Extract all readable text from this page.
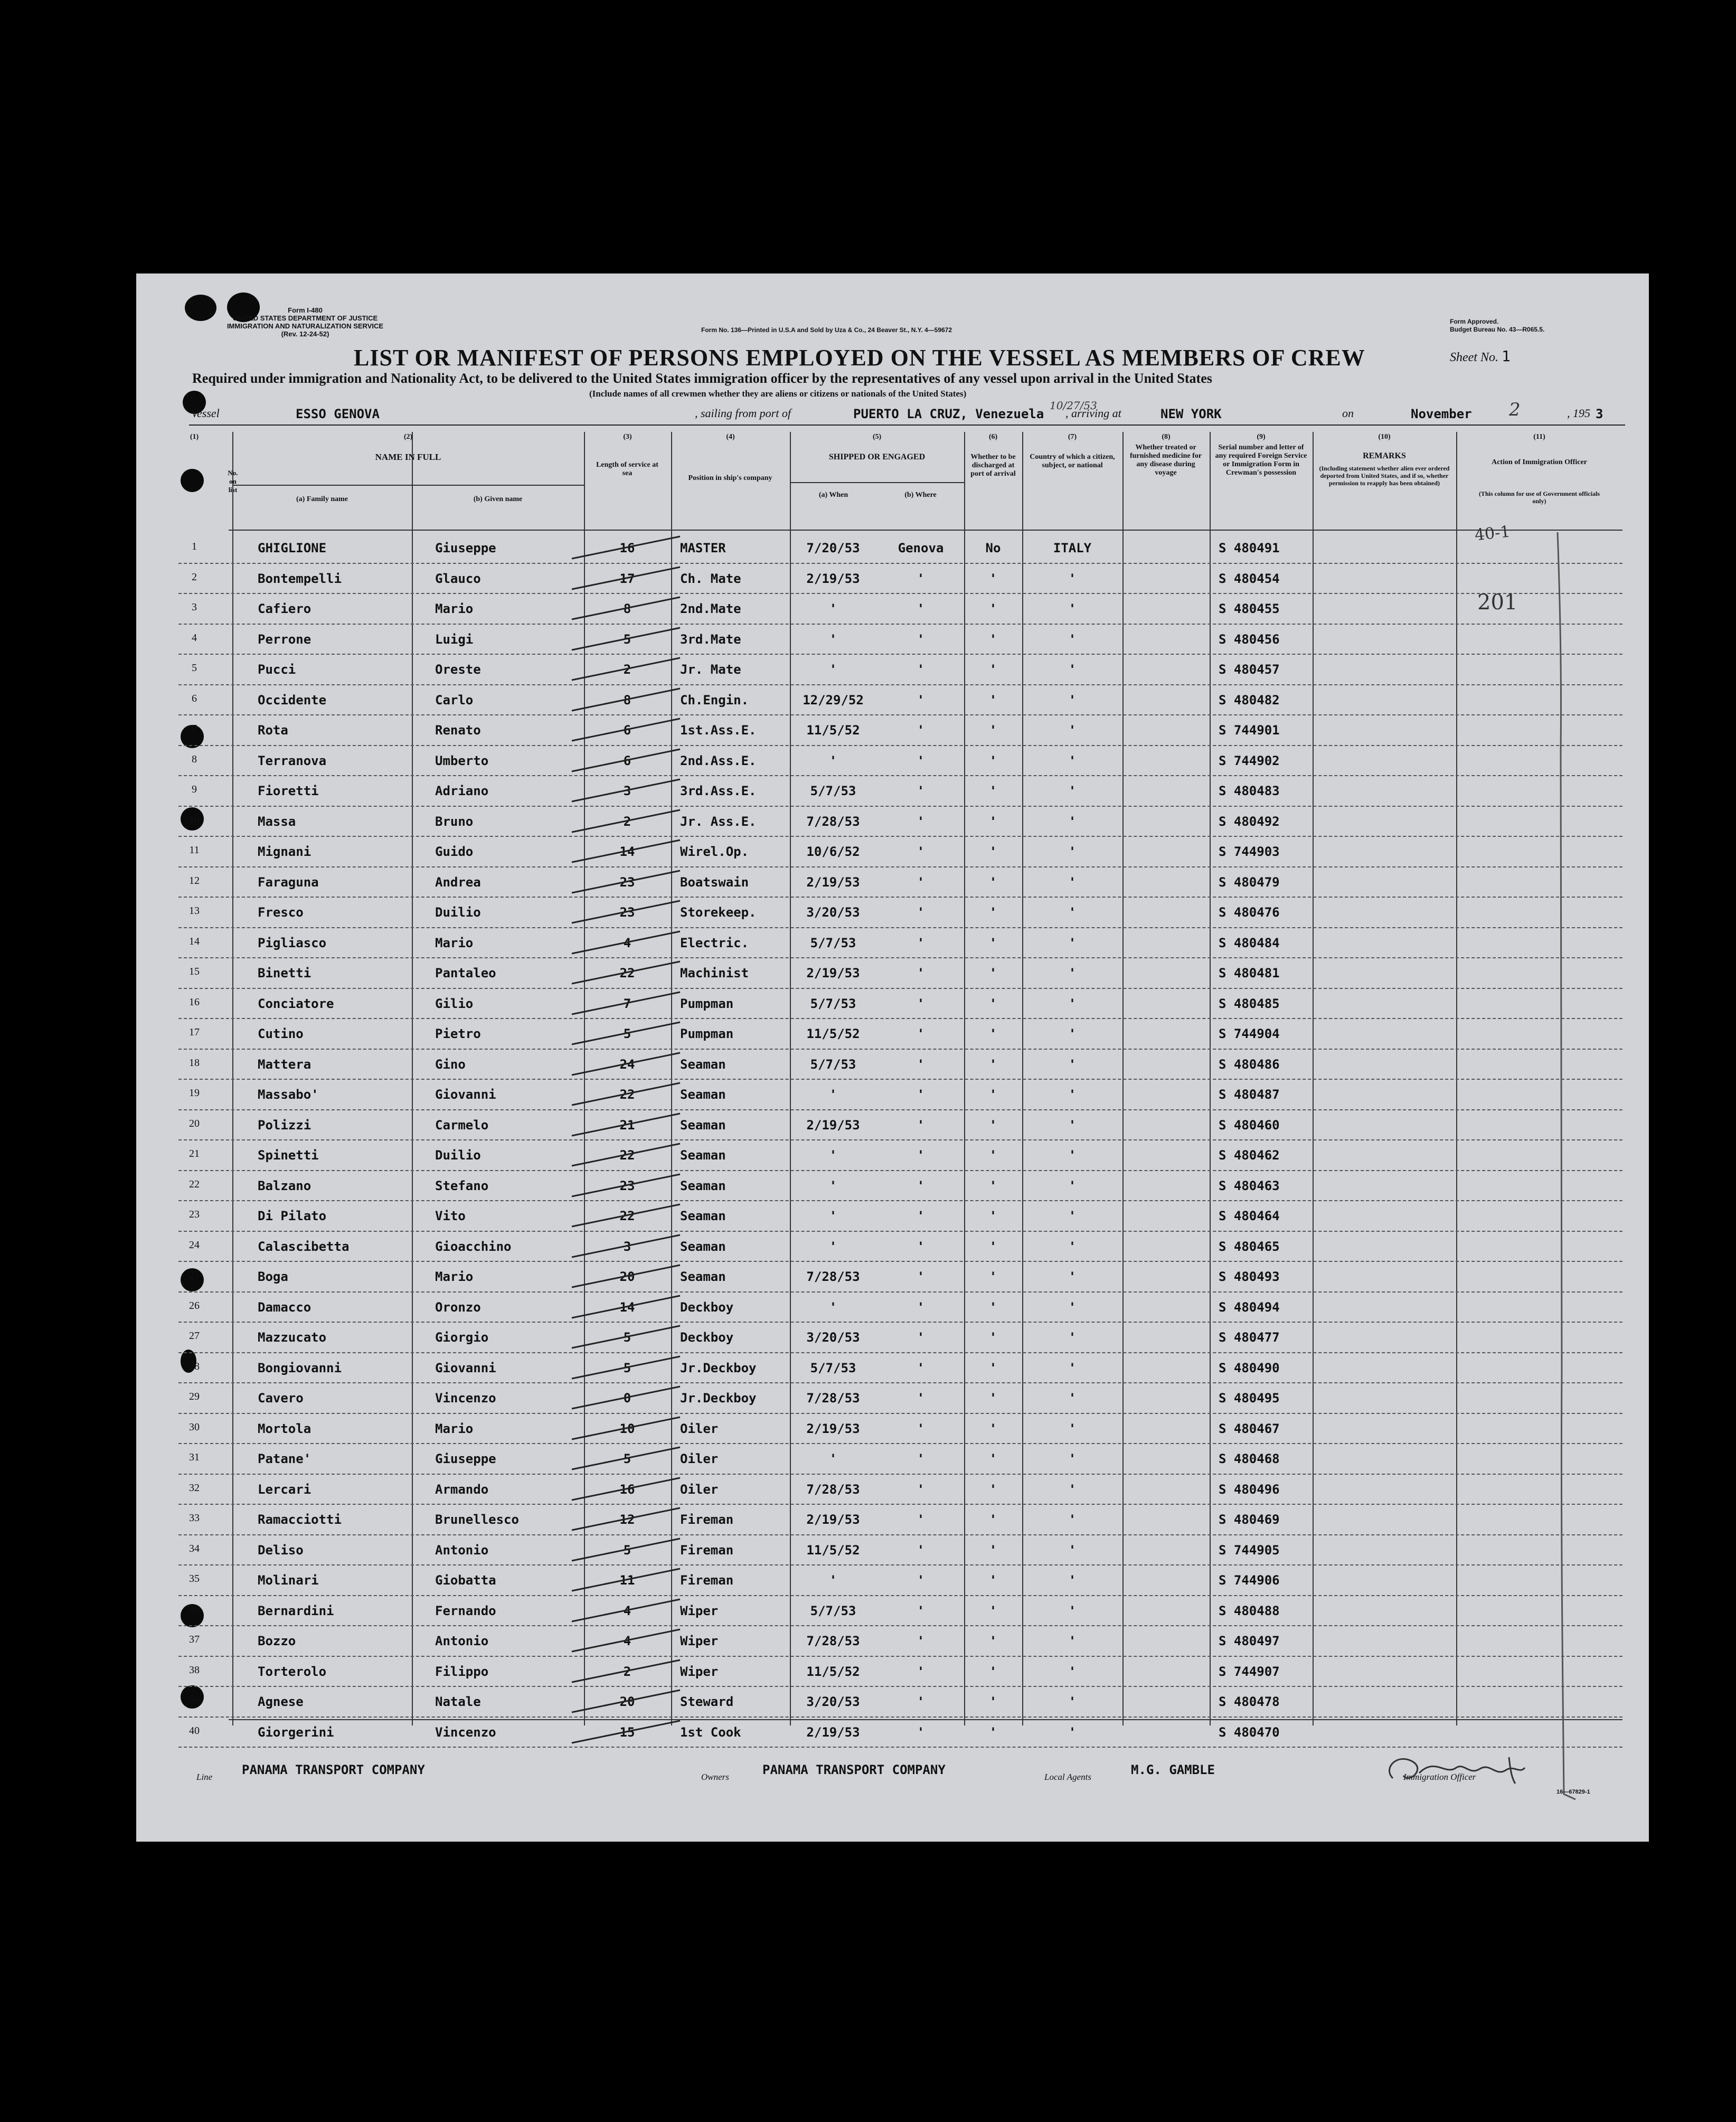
Form I-480
UNITED STATES DEPARTMENT OF JUSTICE
IMMIGRATION AND NATURALIZATION SERVICE
(Rev. 12-24-52)	Form No. 136—Printed in U.S.A and Sold by Uza & Co., 24 Beaver St., N.Y. 4—59672
Form Approved.
Budget Bureau No. 43—R065.5.
LIST OR MANIFEST OF PERSONS EMPLOYED ON THE VESSEL AS MEMBERS OF CREW	Sheet No. 1
Required under immigration and Nationality Act, to be delivered to the United States immigration officer by the representatives of any vessel upon arrival in the United States
(Include names of all crewmen whether they are aliens or citizens or nationals of the United States)
Vessel	ESSO GENOVA	, sailing from port of	PUERTO LA CRUZ, Venezuela
10/27/53
, arriving at	NEW YORK	on	November 2	, 195 3
(1)	(2)	(3)	(4)	(5)	(6)	(7)	(8)	(9)	(10)	(11)
No. on list
NAME IN FULL
(a) Family name	(b) Given name
Length of service at sea
Position in ship's company
SHIPPED OR ENGAGED
(a) When	(b) Where
Whether to be discharged at port of arrival
Country of which a citizen, subject, or national
Whether treated or furnished medicine for any disease during voyage
Serial number and letter of any required Foreign Service or Immigration Form in Crewman's possession
REMARKS
(Including statement whether alien ever ordered deported from United States, and if so, whether permission to reapply has been obtained)
Action of Immigration Officer
(This column for use of Government officials only)
1	GHIGLIONE	Giuseppe	16	MASTER	7/20/53	Genova	No	ITALY	S 480491
2	Bontempelli	Glauco	17	Ch. Mate	2/19/53	'	'	'	S 480454
3	Cafiero	Mario	8	2nd.Mate	'	'	'	'	S 480455
4	Perrone	Luigi	5	3rd.Mate	'	'	'	'	S 480456
5	Pucci	Oreste	2	Jr. Mate	'	'	'	'	S 480457
6	Occidente	Carlo	8	Ch.Engin.	12/29/52	'	'	'	S 480482
7	Rota	Renato	6	1st.Ass.E.	11/5/52	'	'	'	S 744901
8	Terranova	Umberto	6	2nd.Ass.E.	'	'	'	'	S 744902
9	Fioretti	Adriano	3	3rd.Ass.E.	5/7/53	'	'	'	S 480483
10	Massa	Bruno	2	Jr. Ass.E.	7/28/53	'	'	'	S 480492
11	Mignani	Guido	14	Wirel.Op.	10/6/52	'	'	'	S 744903
12	Faraguna	Andrea	23	Boatswain	2/19/53	'	'	'	S 480479
13	Fresco	Duilio	23	Storekeep.	3/20/53	'	'	'	S 480476
14	Pigliasco	Mario	4	Electric.	5/7/53	'	'	'	S 480484
15	Binetti	Pantaleo	22	Machinist	2/19/53	'	'	'	S 480481
16	Conciatore	Gilio	7	Pumpman	5/7/53	'	'	'	S 480485
17	Cutino	Pietro	5	Pumpman	11/5/52	'	'	'	S 744904
18	Mattera	Gino	24	Seaman	5/7/53	'	'	'	S 480486
19	Massabo'	Giovanni	22	Seaman	'	'	'	'	S 480487
20	Polizzi	Carmelo	21	Seaman	2/19/53	'	'	'	S 480460
21	Spinetti	Duilio	22	Seaman	'	'	'	'	S 480462
22	Balzano	Stefano	23	Seaman	'	'	'	'	S 480463
23	Di Pilato	Vito	22	Seaman	'	'	'	'	S 480464
24	Calascibetta	Gioacchino	3	Seaman	'	'	'	'	S 480465
25	Boga	Mario	20	Seaman	7/28/53	'	'	'	S 480493
26	Damacco	Oronzo	14	Deckboy	'	'	'	'	S 480494
27	Mazzucato	Giorgio	5	Deckboy	3/20/53	'	'	'	S 480477
28	Bongiovanni	Giovanni	5	Jr.Deckboy	5/7/53	'	'	'	S 480490
29	Cavero	Vincenzo	0	Jr.Deckboy	7/28/53	'	'	'	S 480495
30	Mortola	Mario	10	Oiler	2/19/53	'	'	'	S 480467
31	Patane'	Giuseppe	5	Oiler	'	'	'	'	S 480468
32	Lercari	Armando	16	Oiler	7/28/53	'	'	'	S 480496
33	Ramacciotti	Brunellesco	12	Fireman	2/19/53	'	'	'	S 480469
34	Deliso	Antonio	5	Fireman	11/5/52	'	'	'	S 744905
35	Molinari	Giobatta	11	Fireman	'	'	'	'	S 744906
36	Bernardini	Fernando	4	Wiper	5/7/53	'	'	'	S 480488
37	Bozzo	Antonio	4	Wiper	7/28/53	'	'	'	S 480497
38	Torterolo	Filippo	2	Wiper	11/5/52	'	'	'	S 744907
39	Agnese	Natale	20	Steward	3/20/53	'	'	'	S 480478
40	Giorgerini	Vincenzo	15	1st Cook	2/19/53	'	'	'	S 480470
40-1
201
Line PANAMA TRANSPORT COMPANY	Owners	PANAMA TRANSPORT COMPANY	Local Agents	M.G. GAMBLE	Immigration Officer
16—67829-1
